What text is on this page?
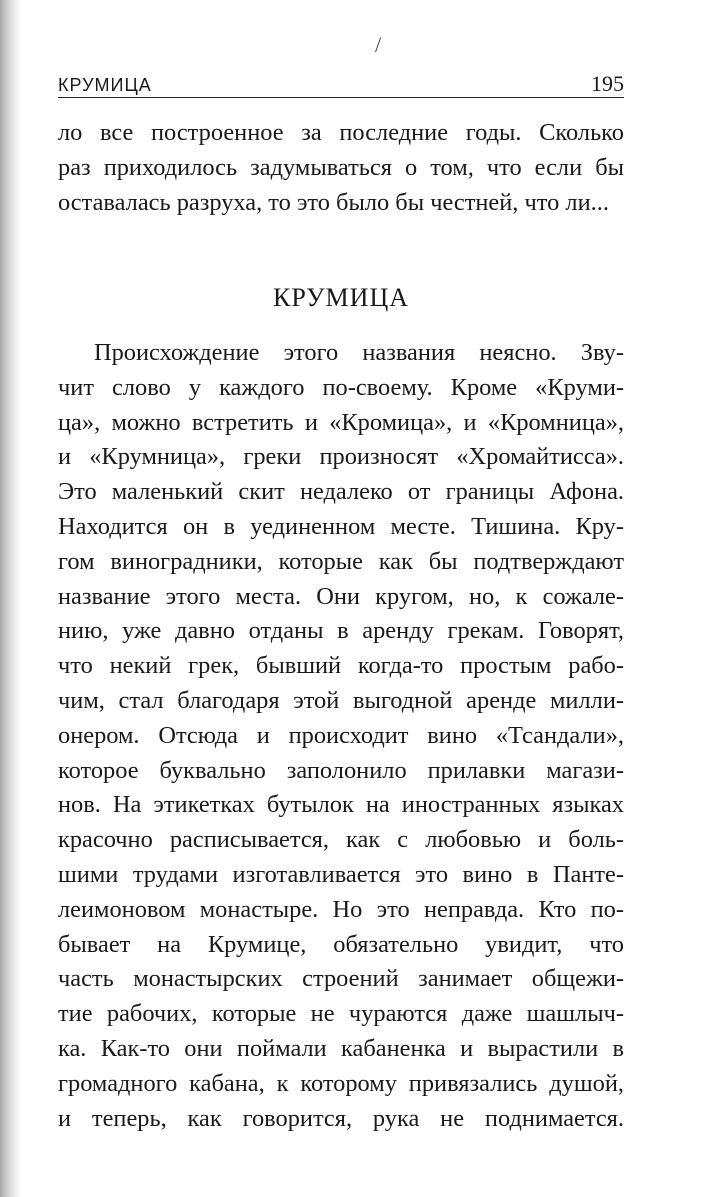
/
КРУМИЦА	195
ло все построенное за последние годы. Сколько
раз приходилось задумываться о том, что если бы
оставалась разруха, то это было бы честней, что ли...
КРУМИЦА
Происхождение этого названия неясно. Зву-
чит слово у каждого по-своему. Кроме «Круми-
ца», можно встретить и «Кромица», и «Кромница»,
и «Крумница», греки произносят «Хромайтисса».
Это маленький скит недалеко от границы Афона.
Находится он в уединенном месте. Тишина. Кру-
гом виноградники, которые как бы подтверждают
название этого места. Они кругом, но, к сожале-
нию, уже давно отданы в аренду грекам. Говорят,
что некий грек, бывший когда-то простым рабо-
чим, стал благодаря этой выгодной аренде милли-
онером. Отсюда и происходит вино «Тсандали»,
которое буквально заполонило прилавки магази-
нов. На этикетках бутылок на иностранных языках
красочно расписывается, как с любовью и боль-
шими трудами изготавливается это вино в Панте-
леимоновом монастыре. Но это неправда. Кто по-
бывает на Крумице, обязательно увидит, что
часть монастырских строений занимает общежи-
тие рабочих, которые не чураются даже шашлыч-
ка. Как-то они поймали кабаненка и вырастили в
громадного кабана, к которому привязались душой,
и теперь, как говорится, рука не поднимается.
